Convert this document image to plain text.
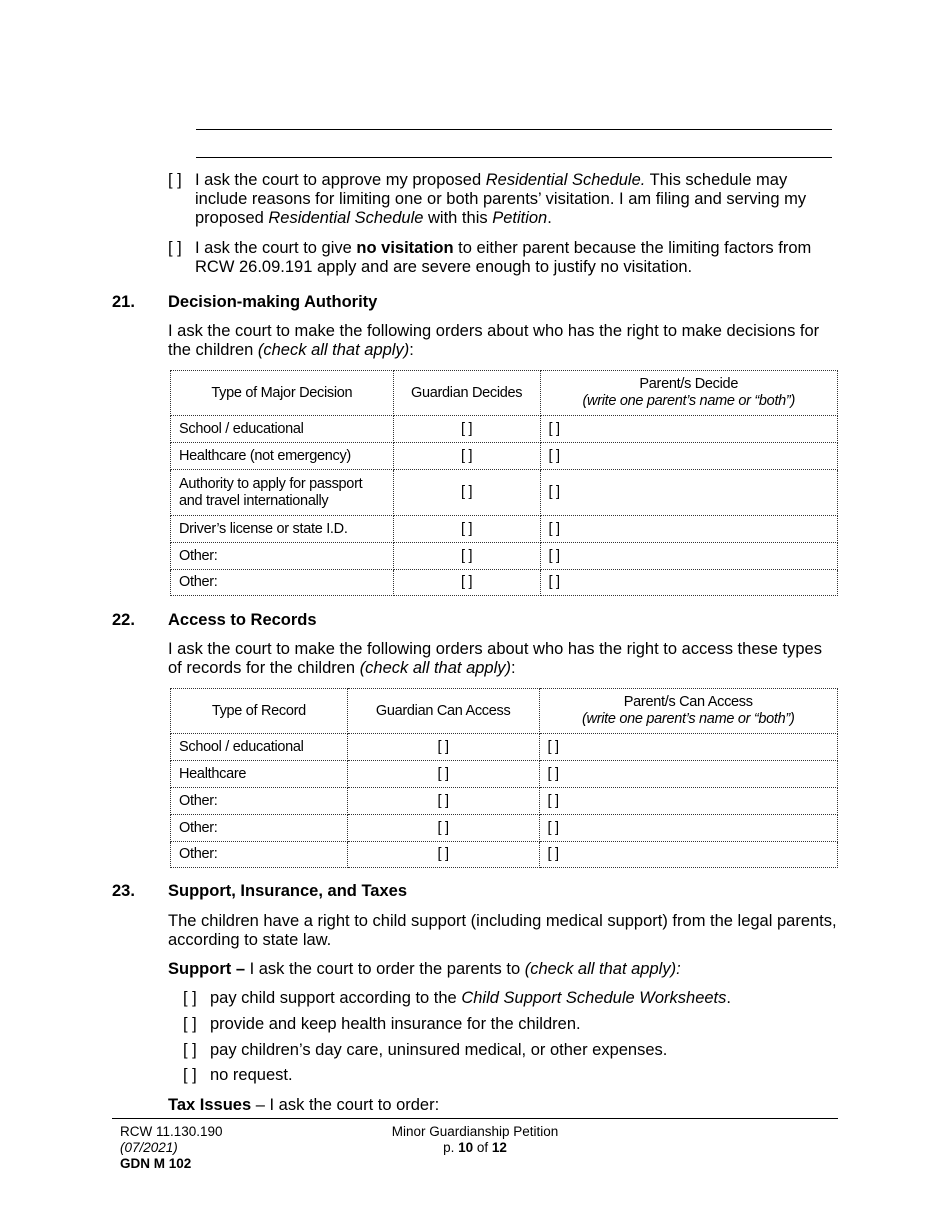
[ ] I ask the court to approve my proposed Residential Schedule. This schedule may
include reasons for limiting one or both parents’ visitation. I am filing and serving my
proposed Residential Schedule with this Petition.
[ ] I ask the court to give no visitation to either parent because the limiting factors from
RCW 26.09.191 apply and are severe enough to justify no visitation.
21. Decision-making Authority
I ask the court to make the following orders about who has the right to make decisions for
the children (check all that apply):
Type of Major Decision	Guardian Decides	Parent/s Decide
(write one parent’s name or “both”)

School / educational	[ ]	[ ]
Healthcare (not emergency)	[ ]	[ ]

Authority to apply for passport
and travel internationally	[ ]	[ ]
Driver’s license or state I.D.	[ ]	[ ]
Other:	[ ]	[ ]
Other:	[ ]	[ ]
22. Access to Records
I ask the court to make the following orders about who has the right to access these types
of records for the children (check all that apply):
Type of Record	Guardian Can Access	Parent/s Can Access
(write one parent’s name or “both”)

School / educational	[ ]	[ ]
Healthcare	[ ]	[ ]
Other:	[ ]	[ ]
Other:	[ ]	[ ]
Other:	[ ]	[ ]
23. Support, Insurance, and Taxes
The children have a right to child support (including medical support) from the legal parents,
according to state law.
Support – I ask the court to order the parents to (check all that apply):
[ ] pay child support according to the Child Support Schedule Worksheets.
[ ] provide and keep health insurance for the children.
[ ] pay children’s day care, uninsured medical, or other expenses.
[ ] no request.
Tax Issues – I ask the court to order:
RCW 11.130.190
(07/2021)
GDN M 102
Minor Guardianship Petition
p. 10 of 12
